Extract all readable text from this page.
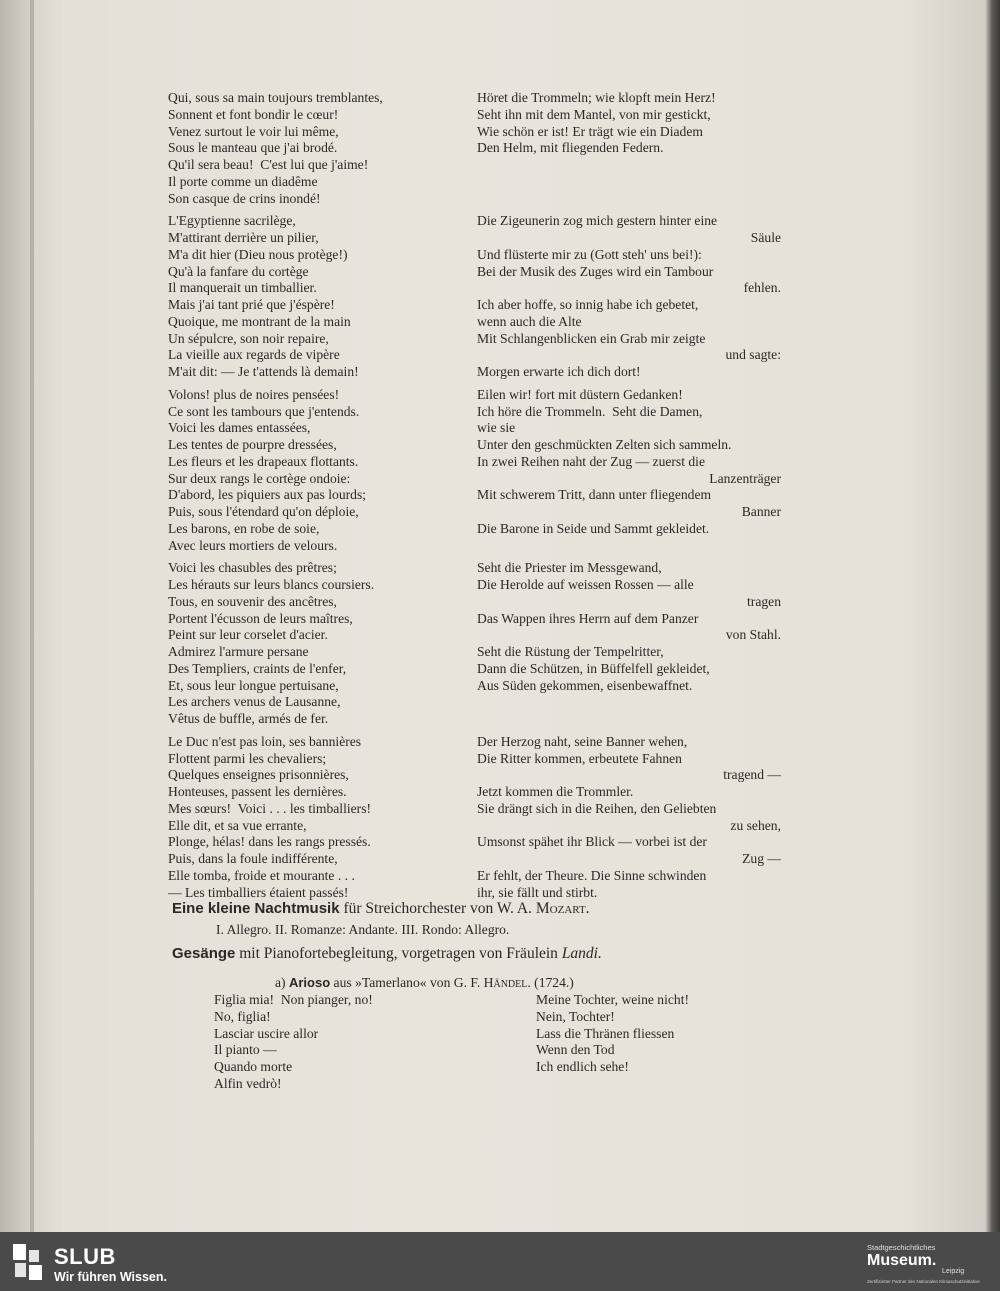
Qui, sous sa main toujours tremblantes,
Sonnent et font bondir le cœur!
Venez surtout le voir lui même,
Sous le manteau que j'ai brodé.
Qu'il sera beau!  C'est lui que j'aime!
Il porte comme un diadême
Son casque de crins inondé!
L'Egyptienne sacrilège,
M'attirant derrière un pilier,
M'a dit hier (Dieu nous protège!)
Qu'à la fanfare du cortège
Il manquerait un timballier.
Mais j'ai tant prié que j'éspère!
Quoique, me montrant de la main
Un sépulcre, son noir repaire,
La vieille aux regards de vipère
M'ait dit: — Je t'attends là demain!
Volons! plus de noires pensées!
Ce sont les tambours que j'entends.
Voici les dames entassées,
Les tentes de pourpre dressées,
Les fleurs et les drapeaux flottants.
Sur deux rangs le cortège ondoie:
D'abord, les piquiers aux pas lourds;
Puis, sous l'étendard qu'on déploie,
Les barons, en robe de soie,
Avec leurs mortiers de velours.
Voici les chasubles des prêtres;
Les hérauts sur leurs blancs coursiers.
Tous, en souvenir des ancêtres,
Portent l'écusson de leurs maîtres,
Peint sur leur corselet d'acier.
Admirez l'armure persane
Des Templiers, craints de l'enfer,
Et, sous leur longue pertuisane,
Les archers venus de Lausanne,
Vêtus de buffle, armés de fer.
Le Duc n'est pas loin, ses bannières
Flottent parmi les chevaliers;
Quelques enseignes prisonnières,
Honteuses, passent les dernières.
Mes sœurs!  Voici . . . les timballiers!
Elle dit, et sa vue errante,
Plonge, hélas! dans les rangs pressés.
Puis, dans la foule indifférente,
Elle tomba, froide et mourante . . .
— Les timballiers étaient passés!
Höret die Trommeln; wie klopft mein Herz!
Seht ihn mit dem Mantel, von mir gestickt,
Wie schön er ist! Er trägt wie ein Diadem
Den Helm, mit fliegenden Federn.
Die Zigeunerin zog mich gestern hinter eine
Säule
Und flüsterte mir zu (Gott steh' uns bei!):
Bei der Musik des Zuges wird ein Tambour
fehlen.
Ich aber hoffe, so innig habe ich gebetet,
wenn auch die Alte
Mit Schlangenblicken ein Grab mir zeigte
und sagte:
Morgen erwarte ich dich dort!
Eilen wir! fort mit düstern Gedanken!
Ich höre die Trommeln.  Seht die Damen,
wie sie
Unter den geschmückten Zelten sich sammeln.
In zwei Reihen naht der Zug — zuerst die
Lanzenträger
Mit schwerem Tritt, dann unter fliegendem
Banner
Die Barone in Seide und Sammt gekleidet.
Seht die Priester im Messgewand,
Die Herolde auf weissen Rossen — alle
tragen
Das Wappen ihres Herrn auf dem Panzer
von Stahl.
Seht die Rüstung der Tempelritter,
Dann die Schützen, in Büffelfell gekleidet,
Aus Süden gekommen, eisenbewaffnet.
Der Herzog naht, seine Banner wehen,
Die Ritter kommen, erbeutete Fahnen
tragend —
Jetzt kommen die Trommler.
Sie drängt sich in die Reihen, den Geliebten
zu sehen,
Umsonst spähet ihr Blick — vorbei ist der
Zug —
Er fehlt, der Theure. Die Sinne schwinden
ihr, sie fällt und stirbt.
Eine kleine Nachtmusik für Streichorchester von W. A. Mozart.
I. Allegro. II. Romanze: Andante. III. Rondo: Allegro.
Gesänge mit Pianofortebegleitung, vorgetragen von Fräulein Landi.
a) Arioso aus »Tamerlano« von G. F. Händel. (1724.)
Figlia mia!  Non pianger, no!
No, figlia!
Lasciar uscire allor
Il pianto —
Quando morte
Alfin vedrò!
Meine Tochter, weine nicht!
Nein, Tochter!
Lass die Thränen fliessen
Wenn den Tod
Ich endlich sehe!
SLUB
Wir führen Wissen.
Stadtgeschichtliches
Museum.
Leipzig
Zertifizierter Partner des Nationalen Klimaschutzinitiative
